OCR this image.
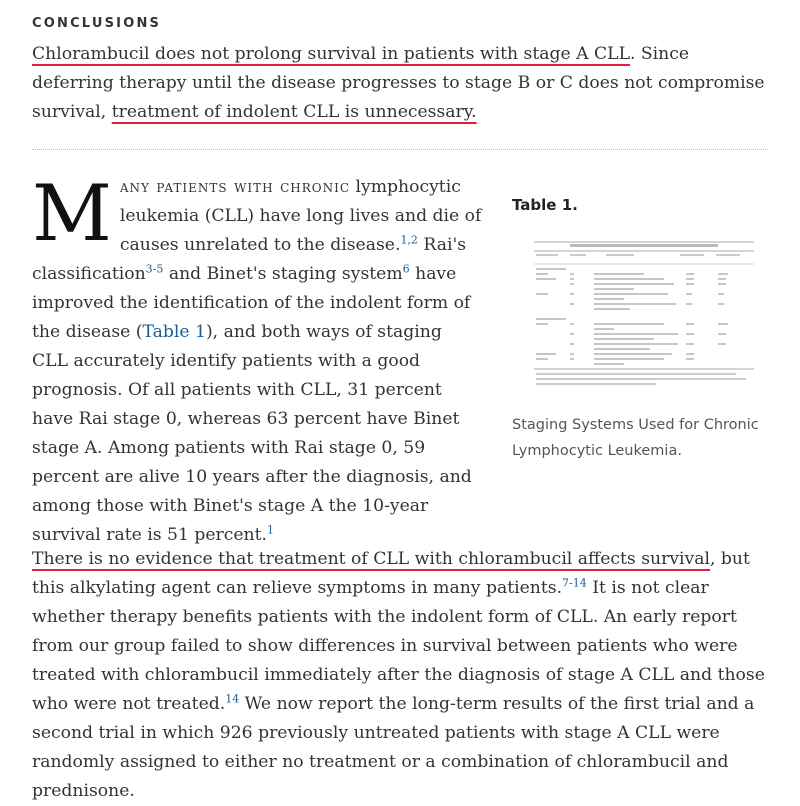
CONCLUSIONS
Chlorambucil does not prolong survival in patients with stage A CLL. Since deferring therapy until the disease progresses to stage B or C does not compromise survival, treatment of indolent CLL is unnecessary.
Many patients with chronic lymphocytic leukemia (CLL) have long lives and die of causes unrelated to the disease.$^{1,2}$ Rai's classification$^{3-5}$ and Binet's staging system$^6$ have improved the identification of the indolent form of the disease (Table 1), and both ways of staging CLL accurately identify patients with a good prognosis. Of all patients with CLL, 31 percent have Rai stage 0, whereas 63 percent have Binet stage A. Among patients with Rai stage 0, 59 percent are alive 10 years after the diagnosis, and among those with Binet's stage A the 10-year survival rate is 51 percent.$^1$
Table 1.
Staging Systems Used for Chronic Lymphocytic Leukemia.
There is no evidence that treatment of CLL with chlorambucil affects survival, but this alkylating agent can relieve symptoms in many patients.$^{7-14}$ It is not clear whether therapy benefits patients with the indolent form of CLL. An early report from our group failed to show differences in survival between patients who were treated with chlorambucil immediately after the diagnosis of stage A CLL and those who were not treated.$^{14}$ We now report the long-term results of the first trial and a second trial in which 926 previously untreated patients with stage A CLL were randomly assigned to either no treatment or a combination of chlorambucil and prednisone.
